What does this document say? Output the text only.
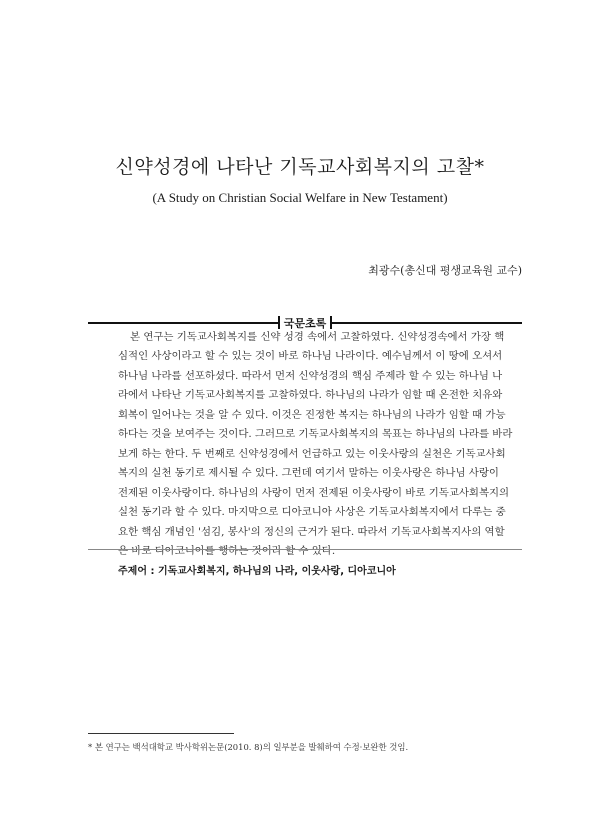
신약성경에 나타난 기독교사회복지의 고찰*
(A Study on Christian Social Welfare in New Testament)
최광수(총신대 평생교육원 교수)
국문초록
본 연구는 기독교사회복지를 신약 성경 속에서 고찰하였다. 신약성경속에서 가장 핵
심적인 사상이라고 할 수 있는 것이 바로 하나님 나라이다. 예수님께서 이 땅에 오셔서
하나님 나라를 선포하셨다. 따라서 먼저 신약성경의 핵심 주제라 할 수 있는 하나님 나
라에서 나타난 기독교사회복지를 고찰하였다. 하나님의 나라가 임할 때 온전한 치유와
회복이 일어나는 것을 알 수 있다. 이것은 진정한 복지는 하나님의 나라가 임할 때 가능
하다는 것을 보여주는 것이다. 그러므로 기독교사회복지의 목표는 하나님의 나라를 바라
보게 하는 한다. 두 번째로 신약성경에서 언급하고 있는 이웃사랑의 실천은 기독교사회
복지의 실천 동기로 제시될 수 있다. 그런데 여기서 말하는 이웃사랑은 하나님 사랑이
전제된 이웃사랑이다. 하나님의 사랑이 먼저 전제된 이웃사랑이 바로 기독교사회복지의
실천 동기라 할 수 있다. 마지막으로 디아코니아 사상은 기독교사회복지에서 다루는 중
요한 핵심 개념인 '섬김, 봉사'의 정신의 근거가 된다. 따라서 기독교사회복지사의 역할
은 바로 디아코니아를 행하는 것이라 할 수 있다.
주제어 : 기독교사회복지, 하나님의 나라, 이웃사랑, 디아코니아
* 본 연구는 백석대학교 박사학위논문(2010. 8)의 일부분을 발췌하여 수정·보완한 것임.
